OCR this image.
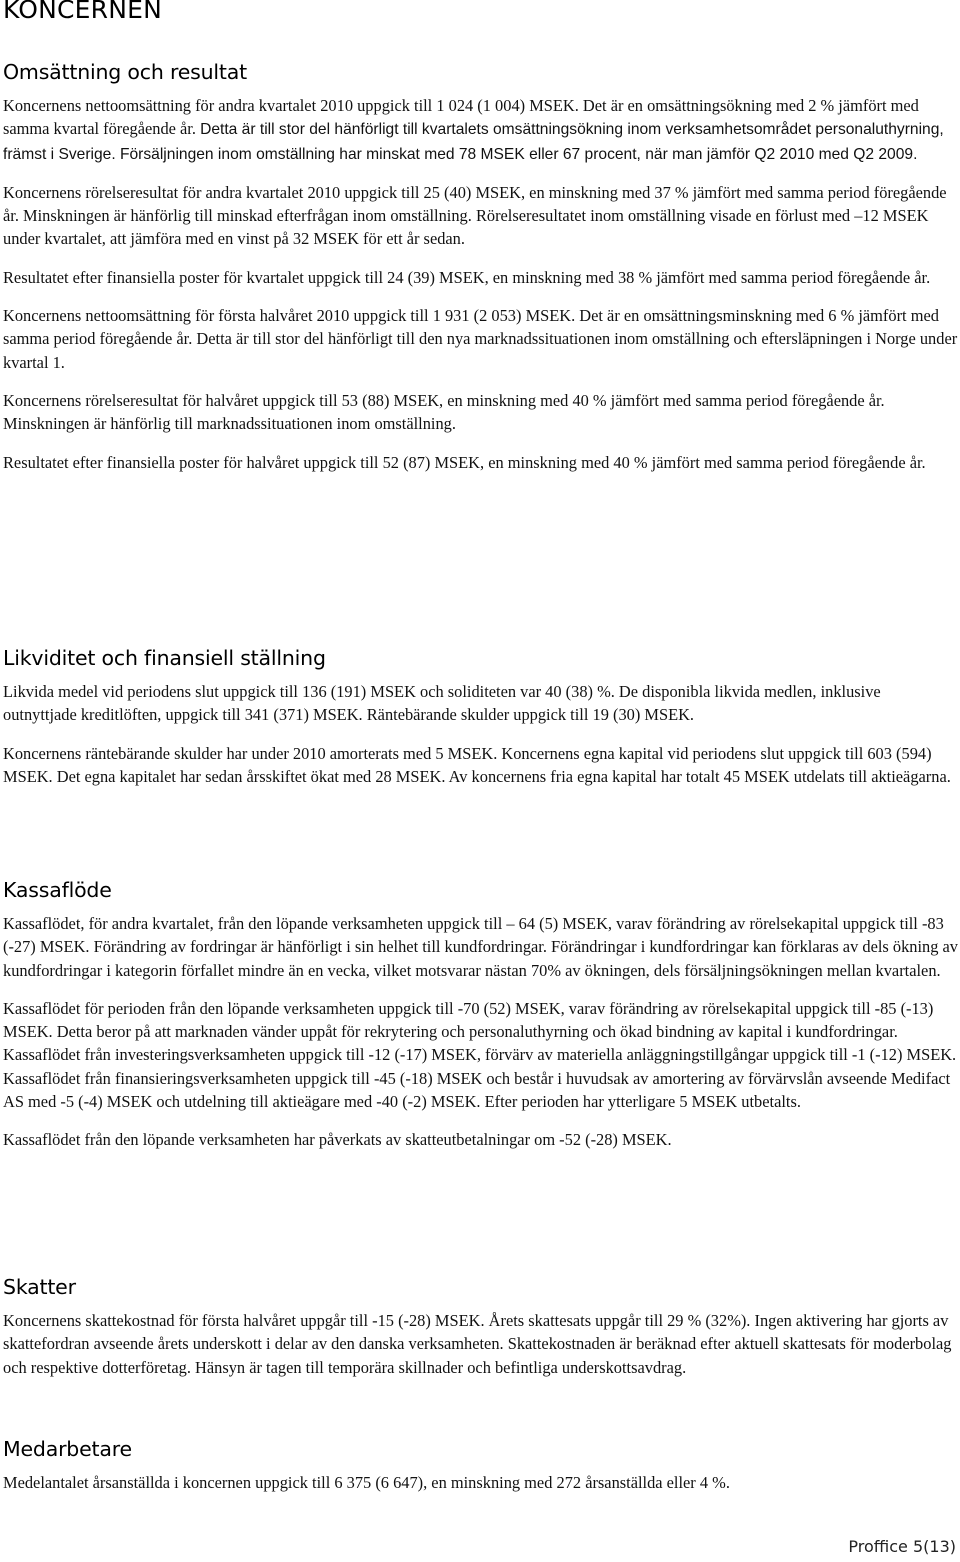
KONCERNEN
Omsättning och resultat

Koncernens nettoomsättning för andra kvartalet 2010 uppgick till 1 024 (1 004) MSEK. Det är en omsättningsökning med 2 % jämfört med samma kvartal föregående år. Detta är till stor del hänförligt till kvartalets omsättningsökning inom verksamhetsområdet personaluthyrning, främst i Sverige. Försäljningen inom omställning har minskat med 78 MSEK eller 67 procent, när man jämför Q2 2010 med Q2 2009.

Koncernens rörelseresultat för andra kvartalet 2010 uppgick till 25 (40) MSEK, en minskning med 37 % jämfört med samma period föregående år. Minskningen är hänförlig till minskad efterfrågan inom omställning. Rörelseresultatet inom omställning visade en förlust med –12 MSEK under kvartalet, att jämföra med en vinst på 32 MSEK för ett år sedan.

Resultatet efter finansiella poster för kvartalet uppgick till 24 (39) MSEK, en minskning med 38 % jämfört med samma period föregående år.

Koncernens nettoomsättning för första halvåret 2010 uppgick till 1 931 (2 053) MSEK. Det är en omsättningsminskning med 6 % jämfört med samma period föregående år. Detta är till stor del hänförligt till den nya marknadssituationen inom omställning och eftersläpningen i Norge under kvartal 1.

Koncernens rörelseresultat för halvåret uppgick till 53 (88) MSEK, en minskning med 40 % jämfört med samma period föregående år. Minskningen är hänförlig till marknadssituationen inom omställning.

Resultatet efter finansiella poster för halvåret uppgick till 52 (87) MSEK, en minskning med 40 % jämfört med samma period föregående år.

Likviditet och finansiell ställning

Likvida medel vid periodens slut uppgick till 136 (191) MSEK och soliditeten var 40 (38) %. De disponibla likvida medlen, inklusive outnyttjade kreditlöften, uppgick till 341 (371) MSEK. Räntebärande skulder uppgick till 19 (30) MSEK.

Koncernens räntebärande skulder har under 2010 amorterats med 5 MSEK. Koncernens egna kapital vid periodens slut uppgick till 603 (594) MSEK. Det egna kapitalet har sedan årsskiftet ökat med 28 MSEK. Av koncernens fria egna kapital har totalt 45 MSEK utdelats till aktieägarna.

Kassaflöde

Kassaflödet, för andra kvartalet, från den löpande verksamheten uppgick till – 64 (5) MSEK, varav förändring av rörelsekapital uppgick till -83 (-27) MSEK. Förändring av fordringar är hänförligt i sin helhet till kundfordringar. Förändringar i kundfordringar kan förklaras av dels ökning av kundfordringar i kategorin förfallet mindre än en vecka, vilket motsvarar nästan 70% av ökningen, dels försäljningsökningen mellan kvartalen.

Kassaflödet för perioden från den löpande verksamheten uppgick till -70 (52) MSEK, varav förändring av rörelsekapital uppgick till -85 (-13) MSEK. Detta beror på att marknaden vänder uppåt för rekrytering och personaluthyrning och ökad bindning av kapital i kundfordringar. Kassaflödet från investeringsverksamheten uppgick till -12 (-17) MSEK, förvärv av materiella anläggningstillgångar uppgick till -1 (-12) MSEK. Kassaflödet från finansieringsverksamheten uppgick till -45 (-18) MSEK och består i huvudsak av amortering av förvärvslån avseende Medifact AS med -5 (-4) MSEK och utdelning till aktieägare med -40 (-2) MSEK. Efter perioden har ytterligare 5 MSEK utbetalts.

Kassaflödet från den löpande verksamheten har påverkats av skatteutbetalningar om -52 (-28) MSEK.

Skatter

Koncernens skattekostnad för första halvåret uppgår till -15 (-28) MSEK. Årets skattesats uppgår till 29 % (32%). Ingen aktivering har gjorts av skattefordran avseende årets underskott i delar av den danska verksamheten. Skattekostnaden är beräknad efter aktuell skattesats för moderbolag och respektive dotterföretag. Hänsyn är tagen till temporära skillnader och befintliga underskottsavdrag.

Medarbetare

Medelantalet årsanställda i koncernen uppgick till 6 375 (6 647), en minskning med 272 årsanställda eller 4 %.

Proffice 5(13)
